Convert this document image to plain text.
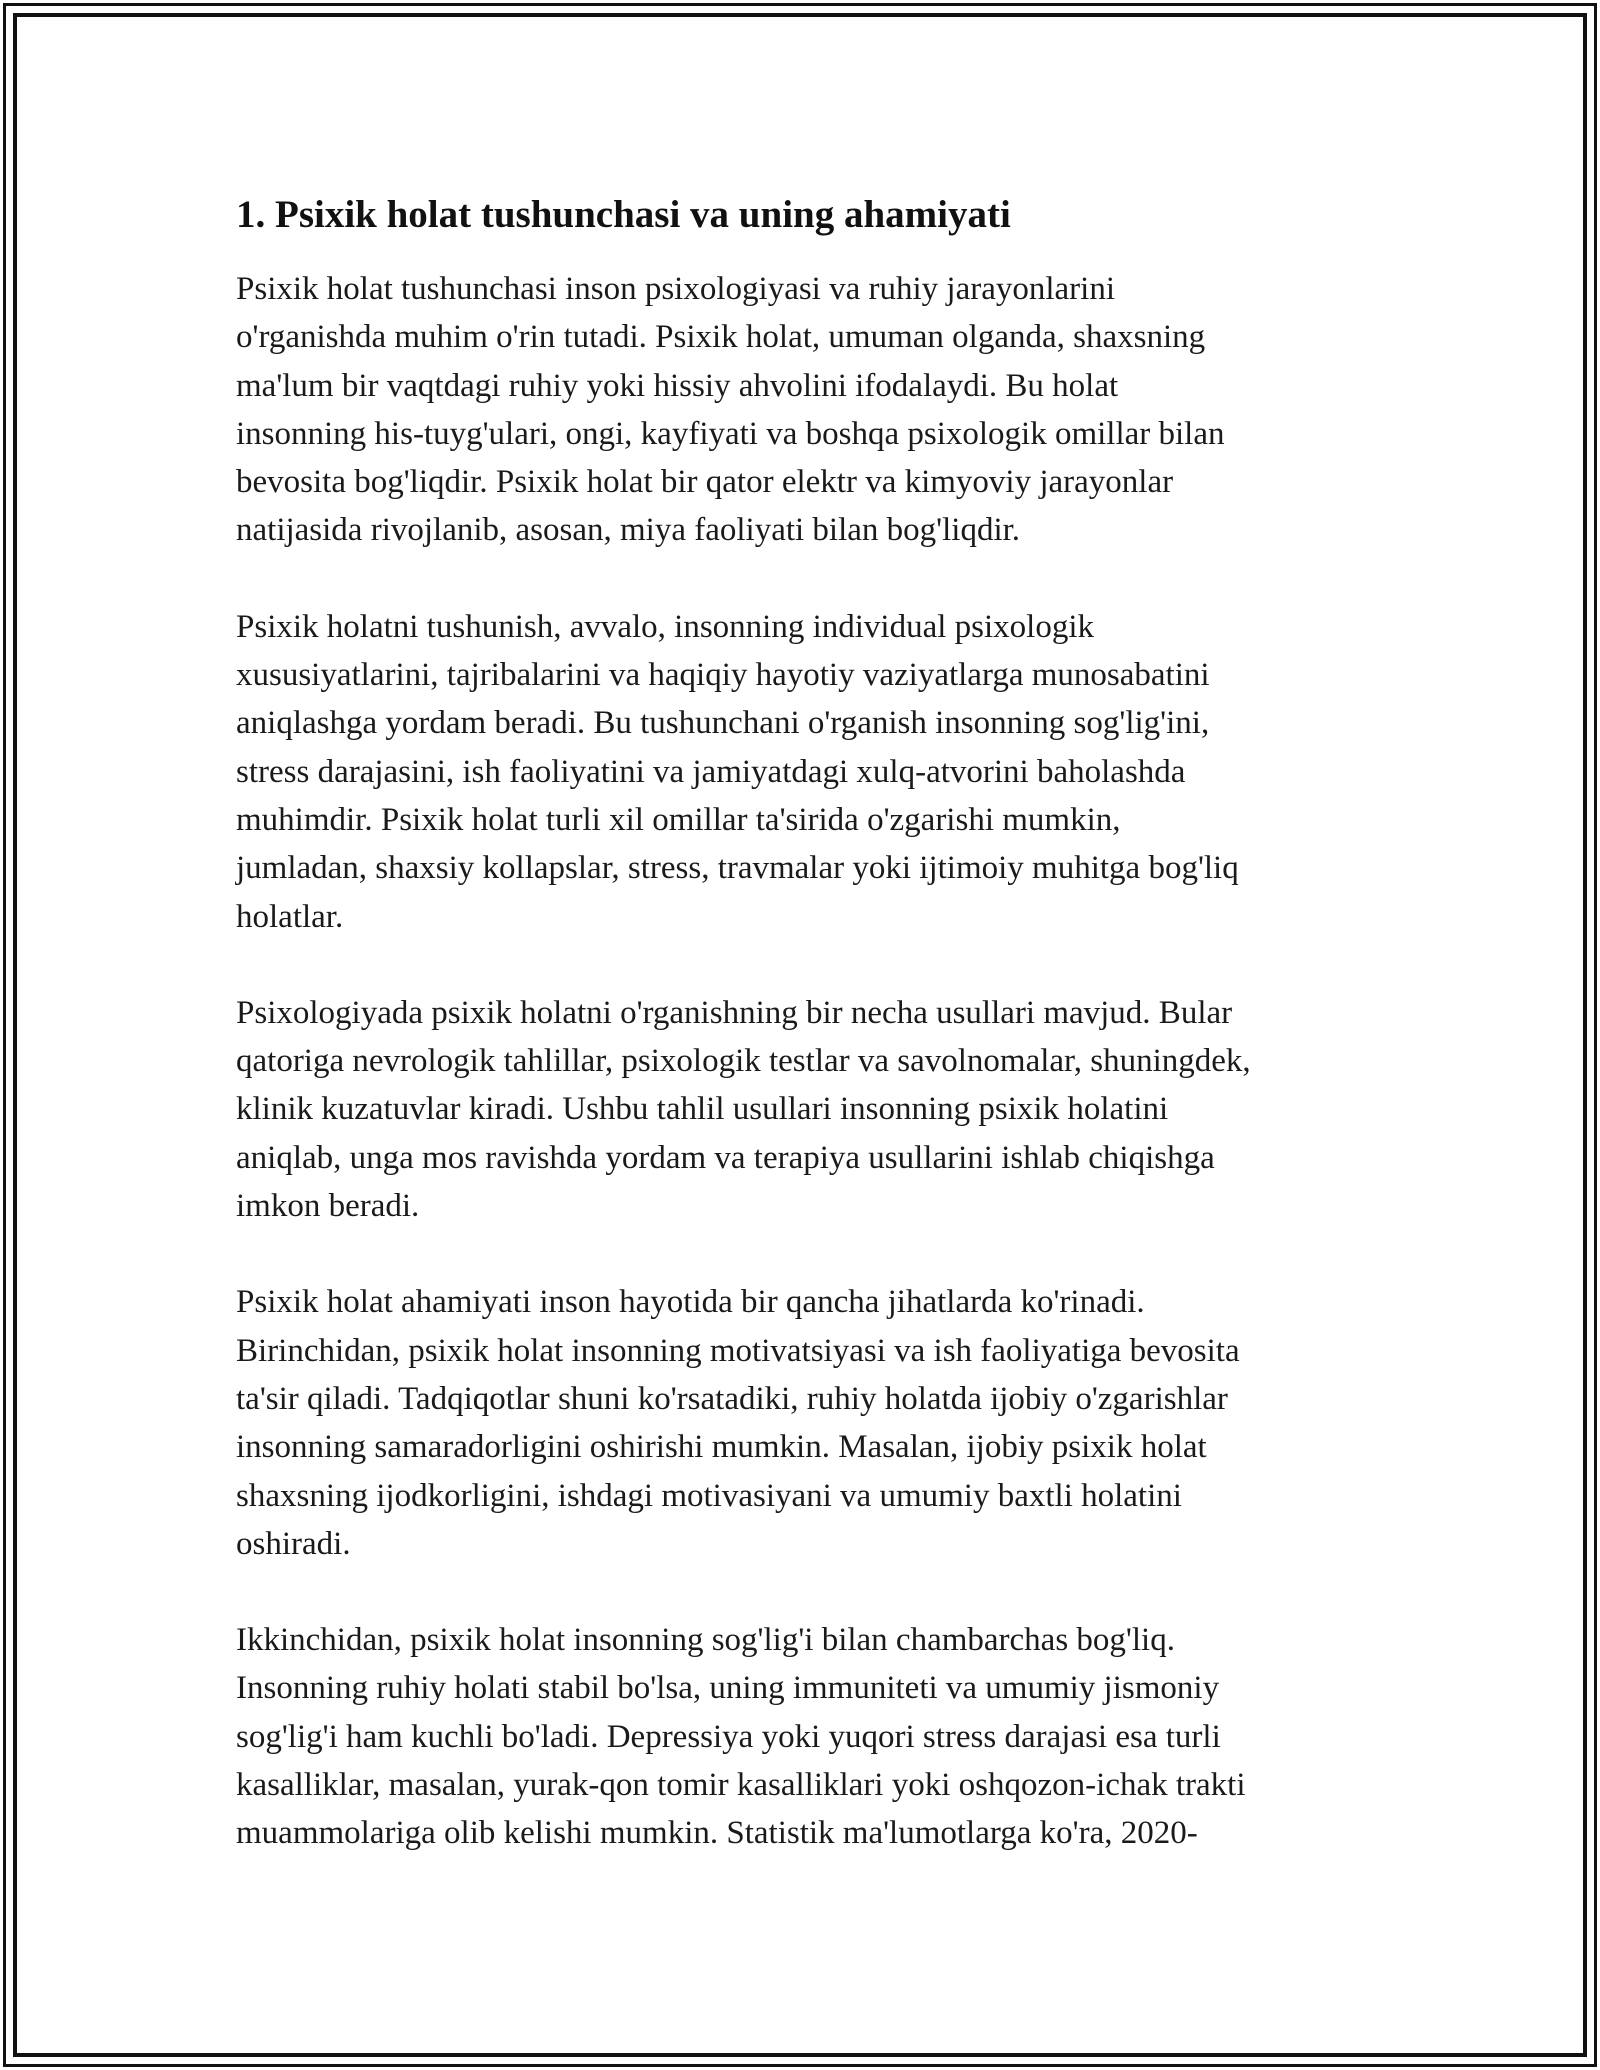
1. Psixik holat tushunchasi va uning ahamiyati

Psixik holat tushunchasi inson psixologiyasi va ruhiy jarayonlarini
o'rganishda muhim o'rin tutadi. Psixik holat, umuman olganda, shaxsning
ma'lum bir vaqtdagi ruhiy yoki hissiy ahvolini ifodalaydi. Bu holat
insonning his-tuyg'ulari, ongi, kayfiyati va boshqa psixologik omillar bilan
bevosita bog'liqdir. Psixik holat bir qator elektr va kimyoviy jarayonlar
natijasida rivojlanib, asosan, miya faoliyati bilan bog'liqdir.

Psixik holatni tushunish, avvalo, insonning individual psixologik
xususiyatlarini, tajribalarini va haqiqiy hayotiy vaziyatlarga munosabatini
aniqlashga yordam beradi. Bu tushunchani o'rganish insonning sog'lig'ini,
stress darajasini, ish faoliyatini va jamiyatdagi xulq-atvorini baholashda
muhimdir. Psixik holat turli xil omillar ta'sirida o'zgarishi mumkin,
jumladan, shaxsiy kollapslar, stress, travmalar yoki ijtimoiy muhitga bog'liq
holatlar.

Psixologiyada psixik holatni o'rganishning bir necha usullari mavjud. Bular
qatoriga nevrologik tahlillar, psixologik testlar va savolnomalar, shuningdek,
klinik kuzatuvlar kiradi. Ushbu tahlil usullari insonning psixik holatini
aniqlab, unga mos ravishda yordam va terapiya usullarini ishlab chiqishga
imkon beradi.

Psixik holat ahamiyati inson hayotida bir qancha jihatlarda ko'rinadi.
Birinchidan, psixik holat insonning motivatsiyasi va ish faoliyatiga bevosita
ta'sir qiladi. Tadqiqotlar shuni ko'rsatadiki, ruhiy holatda ijobiy o'zgarishlar
insonning samaradorligini oshirishi mumkin. Masalan, ijobiy psixik holat
shaxsning ijodkorligini, ishdagi motivasiyani va umumiy baxtli holatini
oshiradi.

Ikkinchidan, psixik holat insonning sog'lig'i bilan chambarchas bog'liq.
Insonning ruhiy holati stabil bo'lsa, uning immuniteti va umumiy jismoniy
sog'lig'i ham kuchli bo'ladi. Depressiya yoki yuqori stress darajasi esa turli
kasalliklar, masalan, yurak-qon tomir kasalliklari yoki oshqozon-ichak trakti
muammolariga olib kelishi mumkin. Statistik ma'lumotlarga ko'ra, 2020-
